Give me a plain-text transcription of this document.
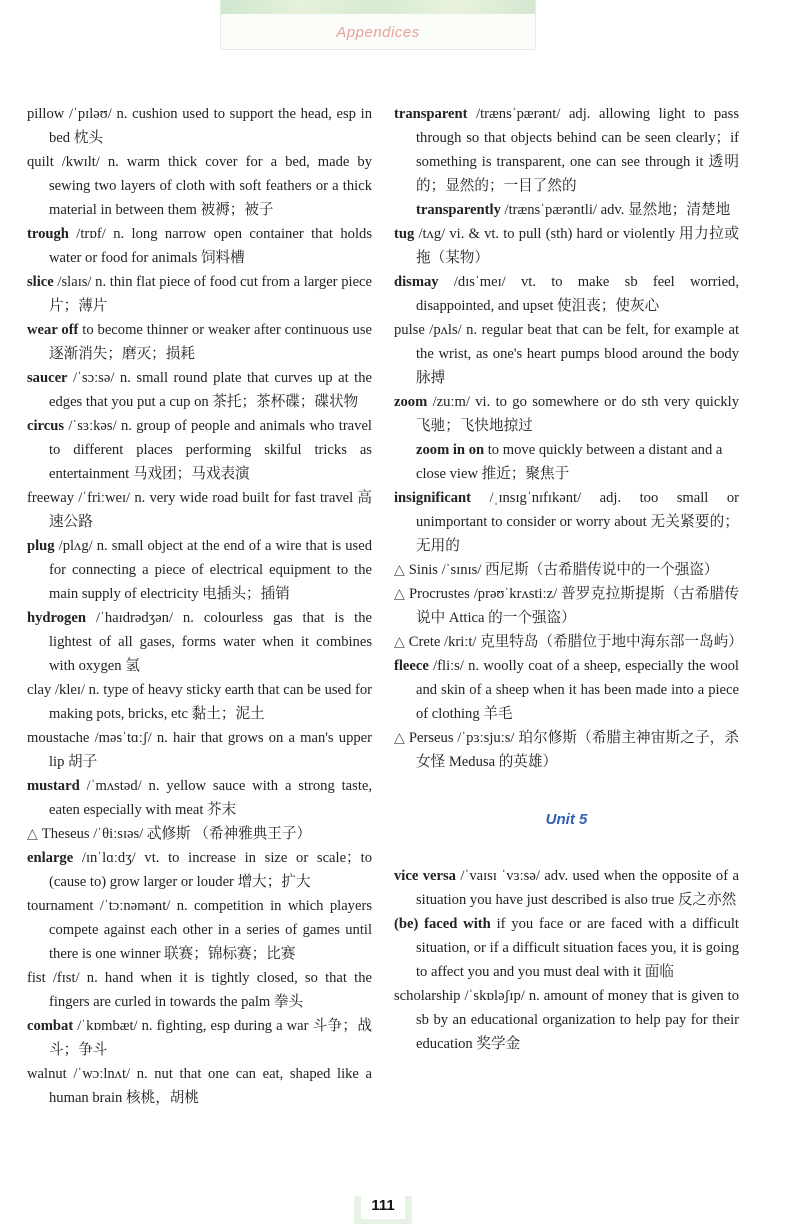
Appendices
pillow /ˈpɪləʊ/ n. cushion used to support the head, esp in bed 枕头
quilt /kwɪlt/ n. warm thick cover for a bed, made by sewing two layers of cloth with soft feathers or a thick material in between them 被褥；被子
trough /trɒf/ n. long narrow open container that holds water or food for animals 饲料槽
slice /slaɪs/ n. thin flat piece of food cut from a larger piece 片；薄片
wear off to become thinner or weaker after continuous use 逐渐消失；磨灭；损耗
saucer /ˈsɔːsə/ n. small round plate that curves up at the edges that you put a cup on 茶托；茶杯碟；碟状物
circus /ˈsɜːkəs/ n. group of people and animals who travel to different places performing skilful tricks as entertainment 马戏团；马戏表演
freeway /ˈfriːweɪ/ n. very wide road built for fast travel 高速公路
plug /plʌg/ n. small object at the end of a wire that is used for connecting a piece of electrical equipment to the main supply of electricity 电插头；插销
hydrogen /ˈhaɪdrədʒən/ n. colourless gas that is the lightest of all gases, forms water when it combines with oxygen 氢
clay /kleɪ/ n. type of heavy sticky earth that can be used for making pots, bricks, etc 黏土；泥土
moustache /məsˈtɑːʃ/ n. hair that grows on a man's upper lip 胡子
mustard /ˈmʌstəd/ n. yellow sauce with a strong taste, eaten especially with meat 芥末
△ Theseus /ˈθiːsɪəs/ 忒修斯 （希神雅典王子）
enlarge /ɪnˈlɑːdʒ/ vt. to increase in size or scale；to (cause to) grow larger or louder 增大；扩大
tournament /ˈtɔːnəmənt/ n. competition in which players compete against each other in a series of games until there is one winner 联赛；锦标赛；比赛
fist /fɪst/ n. hand when it is tightly closed, so that the fingers are curled in towards the palm 拳头
combat /ˈkɒmbæt/ n. fighting, esp during a war 斗争；战斗；争斗
walnut /ˈwɔːlnʌt/ n. nut that one can eat, shaped like a human brain 核桃，胡桃
transparent /trænsˈpærənt/ adj. allowing light to pass through so that objects behind can be seen clearly；if something is transparent, one can see through it 透明的；显然的；一目了然的
transparently /trænsˈpærəntli/ adv. 显然地；清楚地
tug /tʌg/ vi. & vt. to pull (sth) hard or violently 用力拉或拖（某物）
dismay /dɪsˈmeɪ/ vt. to make sb feel worried, disappointed, and upset 使沮丧；使灰心
pulse /pʌls/ n. regular beat that can be felt, for example at the wrist, as one's heart pumps blood around the body 脉搏
zoom /zuːm/ vi. to go somewhere or do sth very quickly 飞驰；飞快地掠过
zoom in on to move quickly between a distant and a close view 推近；聚焦于
insignificant /ˌɪnsɪgˈnɪfɪkənt/ adj. too small or unimportant to consider or worry about 无关紧要的；无用的
△ Sinis /ˈsɪnɪs/ 西尼斯（古希腊传说中的一个强盗）
△ Procrustes /prəʊˈkrʌstiːz/ 普罗克拉斯提斯（古希腊传说中 Attica 的一个强盗）
△ Crete /kriːt/ 克里特岛（希腊位于地中海东部一岛屿）
fleece /fliːs/ n. woolly coat of a sheep, especially the wool and skin of a sheep when it has been made into a piece of clothing 羊毛
△ Perseus /ˈpɜːsjuːs/ 珀尔修斯（希腊主神宙斯之子，杀女怪 Medusa 的英雄）
Unit 5
vice versa /ˈvaɪsɪ ˈvɜːsə/ adv. used when the opposite of a situation you have just described is also true 反之亦然
(be) faced with if you face or are faced with a difficult situation, or if a difficult situation faces you, it is going to affect you and you must deal with it 面临
scholarship /ˈskɒləʃɪp/ n. amount of money that is given to sb by an educational organization to help pay for their education 奖学金
111
